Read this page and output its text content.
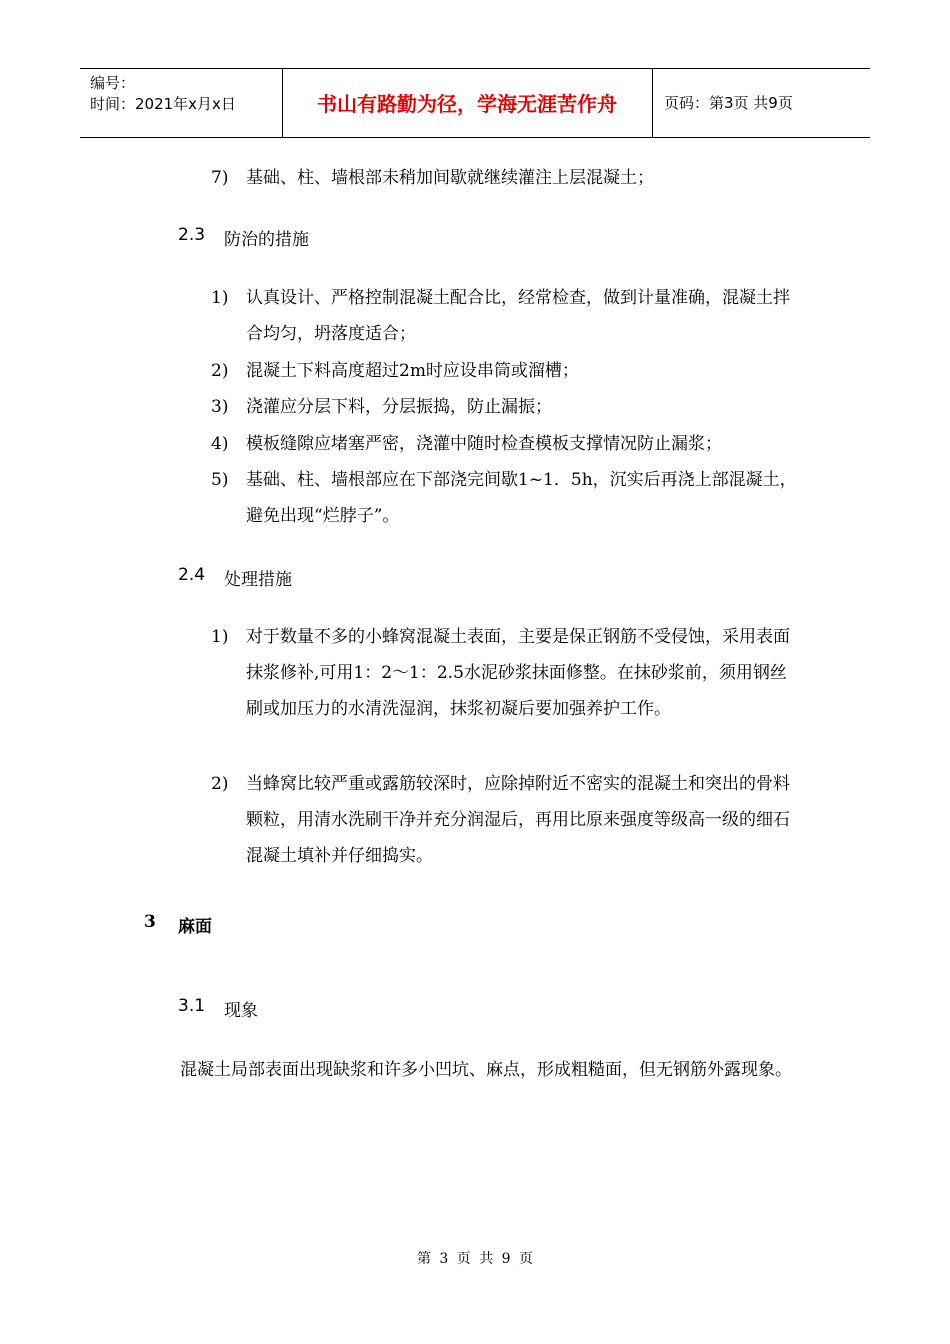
编号：
时间：2021年x月x日	书山有路勤为径，学海无涯苦作舟	页码：第3页 共9页
7) 基础、柱、墙根部未稍加间歇就继续灌注上层混凝土；
2.3 防治的措施
1) 认真设计、严格控制混凝土配合比，经常检查，做到计量准确，混凝土拌合均匀，坍落度适合；
2) 混凝土下料高度超过2m时应设串筒或溜槽；
3) 浇灌应分层下料，分层振捣，防止漏振；
4) 模板缝隙应堵塞严密，浇灌中随时检查模板支撑情况防止漏浆；
5) 基础、柱、墙根部应在下部浇完间歇1~1．5h，沉实后再浇上部混凝土，避免出现“烂脖子”。
2.4 处理措施
1) 对于数量不多的小蜂窝混凝土表面，主要是保正钢筋不受侵蚀，采用表面抹浆修补,可用1：2～1：2.5水泥砂浆抹面修整。在抹砂浆前，须用钢丝刷或加压力的水清洗湿润，抹浆初凝后要加强养护工作。
2) 当蜂窝比较严重或露筋较深时，应除掉附近不密实的混凝土和突出的骨料颗粒，用清水洗刷干净并充分润湿后，再用比原来强度等级高一级的细石混凝土填补并仔细捣实。
3 麻面
3.1 现象
混凝土局部表面出现缺浆和许多小凹坑、麻点，形成粗糙面，但无钢筋外露现象。
第 3 页 共 9 页
